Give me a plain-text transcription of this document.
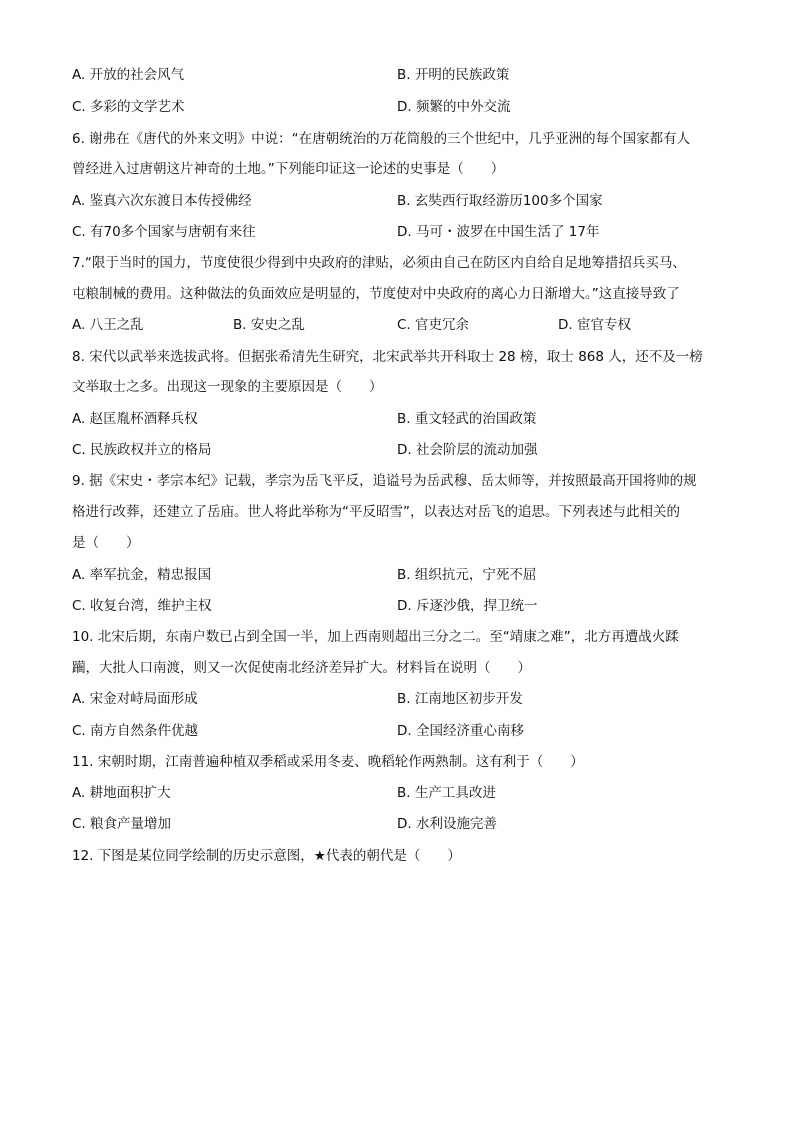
A. 开放的社会风气	B. 开明的民族政策
C. 多彩的文学艺术	D. 频繁的中外交流
6. 谢弗在《唐代的外来文明》中说：“在唐朝统治的万花筒般的三个世纪中，几乎亚洲的每个国家都有人
曾经进入过唐朝这片神奇的土地。”下列能印证这一论述的史事是（　　）
A. 鉴真六次东渡日本传授佛经	B. 玄奘西行取经游历100多个国家
C. 有70多个国家与唐朝有来往	D. 马可・波罗在中国生活了 17年
7.“限于当时的国力，节度使很少得到中央政府的津贴，必须由自己在防区内自给自足地筹措招兵买马、
屯粮制械的费用。这种做法的负面效应是明显的，节度使对中央政府的离心力日渐增大。”这直接导致了
A. 八王之乱	B. 安史之乱	C. 官吏冗余	D. 宦官专权
8. 宋代以武举来选拔武将。但据张希清先生研究，北宋武举共开科取士 28 榜，取士 868 人，还不及一榜
文举取士之多。出现这一现象的主要原因是（　　）
A. 赵匡胤杯酒释兵权	B. 重文轻武的治国政策
C. 民族政权并立的格局	D. 社会阶层的流动加强
9. 据《宋史・孝宗本纪》记载，孝宗为岳飞平反，追谥号为岳武穆、岳太师等，并按照最高开国将帅的规
格进行改葬，还建立了岳庙。世人将此举称为“平反昭雪”，以表达对岳飞的追思。下列表述与此相关的
是（　　）
A. 率军抗金，精忠报国	B. 组织抗元，宁死不屈
C. 收复台湾，维护主权	D. 斥逐沙俄，捍卫统一
10. 北宋后期，东南户数已占到全国一半，加上西南则超出三分之二。至“靖康之难”，北方再遭战火蹂
躏，大批人口南渡，则又一次促使南北经济差异扩大。材料旨在说明（　　）
A. 宋金对峙局面形成	B. 江南地区初步开发
C. 南方自然条件优越	D. 全国经济重心南移
11. 宋朝时期，江南普遍种植双季稻或采用冬麦、晚稻轮作两熟制。这有利于（　　）
A. 耕地面积扩大	B. 生产工具改进
C. 粮食产量增加	D. 水利设施完善
12. 下图是某位同学绘制的历史示意图，★代表的朝代是（　　）
